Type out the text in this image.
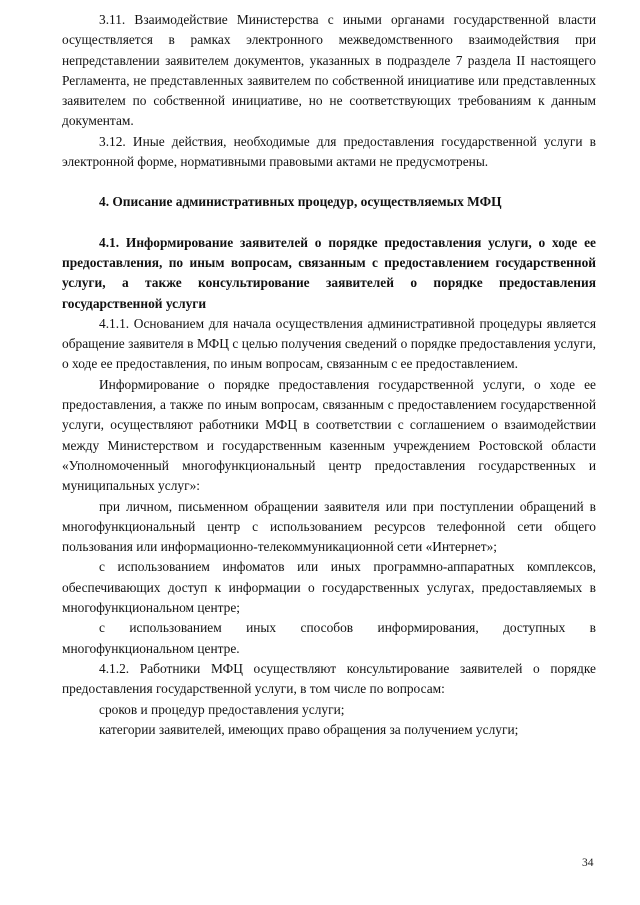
3.11. Взаимодействие Министерства с иными органами государственной власти осуществляется в рамках электронного межведомственного взаимодействия при непредставлении заявителем документов, указанных в подразделе 7 раздела II настоящего Регламента, не представленных заявителем по собственной инициативе или представленных заявителем по собственной инициативе, но не соответствующих требованиям к данным документам.

3.12. Иные действия, необходимые для предоставления государственной услуги в электронной форме, нормативными правовыми актами не предусмотрены.

4. Описание административных процедур, осуществляемых МФЦ

4.1. Информирование заявителей о порядке предоставления услуги, о ходе ее предоставления, по иным вопросам, связанным с предоставлением государственной услуги, а также консультирование заявителей о порядке предоставления государственной услуги

4.1.1. Основанием для начала осуществления административной процедуры является обращение заявителя в МФЦ с целью получения сведений о порядке предоставления услуги, о ходе ее предоставления, по иным вопросам, связанным с ее предоставлением.

Информирование о порядке предоставления государственной услуги, о ходе ее предоставления, а также по иным вопросам, связанным с предоставлением государственной услуги, осуществляют работники МФЦ в соответствии с соглашением о взаимодействии между Министерством и государственным казенным учреждением Ростовской области «Уполномоченный многофункциональный центр предоставления государственных и муниципальных услуг»:

при личном, письменном обращении заявителя или при поступлении обращений в многофункциональный центр с использованием ресурсов телефонной сети общего пользования или информационно-телекоммуникационной сети «Интернет»;

с использованием инфоматов или иных программно-аппаратных комплексов, обеспечивающих доступ к информации о государственных услугах, предоставляемых в многофункциональном центре;

с использованием иных способов информирования, доступных в многофункциональном центре.

4.1.2. Работники МФЦ осуществляют консультирование заявителей о порядке предоставления государственной услуги, в том числе по вопросам:

сроков и процедур предоставления услуги;

категории заявителей, имеющих право обращения за получением услуги;

34
